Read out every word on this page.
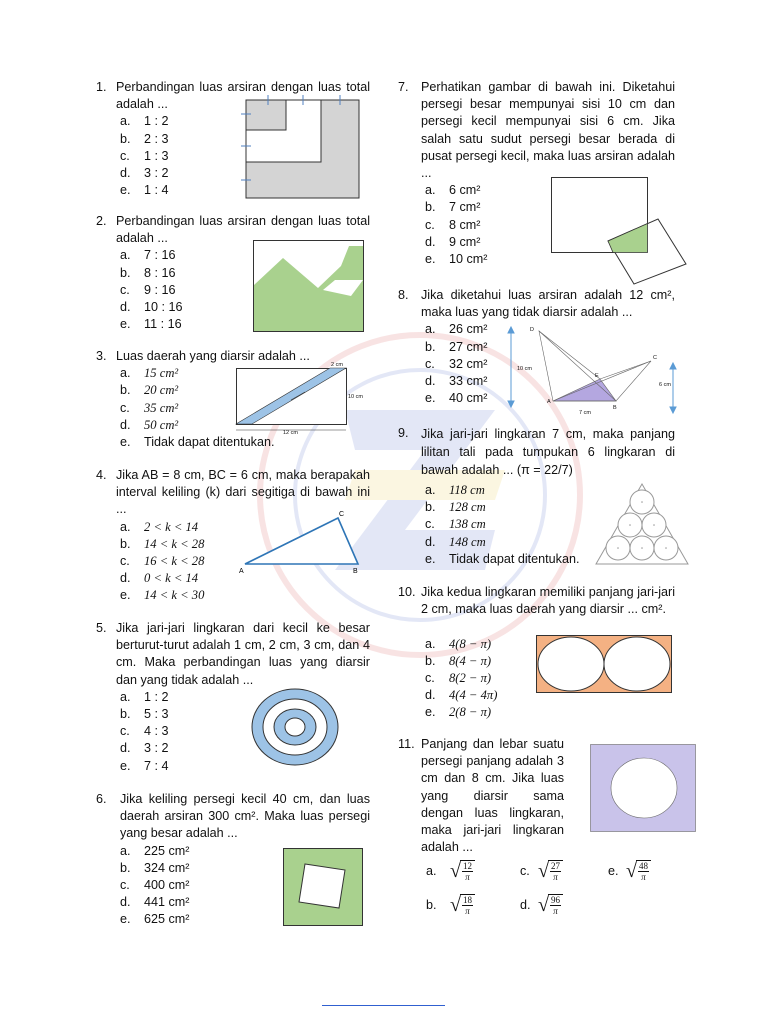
1. Perbandingan luas arsiran dengan luas total adalah ...
a. 1 : 2
b. 2 : 3
c. 1 : 3
d. 3 : 2
e. 1 : 4
2. Perbandingan luas arsiran dengan luas total adalah ...
a. 7 : 16
b. 8 : 16
c. 9 : 16
d. 10 : 16
e. 11 : 16
3. Luas daerah yang diarsir adalah ...
a. 15 cm²
b. 20 cm²
c. 35 cm²
d. 50 cm²
e. Tidak dapat ditentukan.
2 cm
10 cm
12 cm
4. Jika AB = 8 cm, BC = 6 cm, maka berapakah interval keliling (k) dari segitiga di bawah ini ...
a. 2 < k < 14
b. 14 < k < 28
c. 16 < k < 28
d. 0 < k < 14
e. 14 < k < 30
A	B
C
5. Jika jari-jari lingkaran dari kecil ke besar berturut-turut adalah 1 cm, 2 cm, 3 cm, dan 4 cm. Maka perbandingan luas yang diarsir dan yang tidak adalah ...
a. 1 : 2
b. 5 : 3
c. 4 : 3
d. 3 : 2
e. 7 : 4
6. Jika keliling persegi kecil 40 cm, dan luas daerah arsiran 300 cm². Maka luas persegi yang besar adalah ...
a. 225 cm²
b. 324 cm²
c. 400 cm²
d. 441 cm²
e. 625 cm²
7. Perhatikan gambar di bawah ini. Diketahui persegi besar mempunyai sisi 10 cm dan persegi kecil mempunyai sisi 6 cm. Jika salah satu sudut persegi besar berada di pusat persegi kecil, maka luas arsiran adalah ...
a. 6 cm²
b. 7 cm²
c. 8 cm²
d. 9 cm²
e. 10 cm²
8. Jika diketahui luas arsiran adalah 12 cm², maka luas yang tidak diarsir adalah ...
a. 26 cm²
b. 27 cm²
c. 32 cm²
d. 33 cm²
e. 40 cm²
D
C
E
A
B
10 cm
6 cm
7 cm
9. Jika jari-jari lingkaran 7 cm, maka panjang lilitan tali pada tumpukan 6 lingkaran di bawah adalah ... (π = 22/7)
a. 118 cm
b. 128 cm
c. 138 cm
d. 148 cm
e. Tidak dapat ditentukan.
10. Jika kedua lingkaran memiliki panjang jari-jari 2 cm, maka luas daerah yang diarsir ... cm².
a. 4(8 − π)
b. 8(4 − π)
c. 8(2 − π)
d. 4(4 − 4π)
e. 2(8 − π)
11. Panjang dan lebar suatu persegi panjang adalah 3 cm dan 8 cm. Jika luas yang diarsir sama dengan luas lingkaran, maka jari-jari lingkaran adalah ...
a. √ $\frac{12}{\pi}$
b. √ $\frac{18}{\pi}$
c. √ $\frac{27}{\pi}$
d. √ $\frac{96}{\pi}$
e. √ $\frac{48}{\pi}$
